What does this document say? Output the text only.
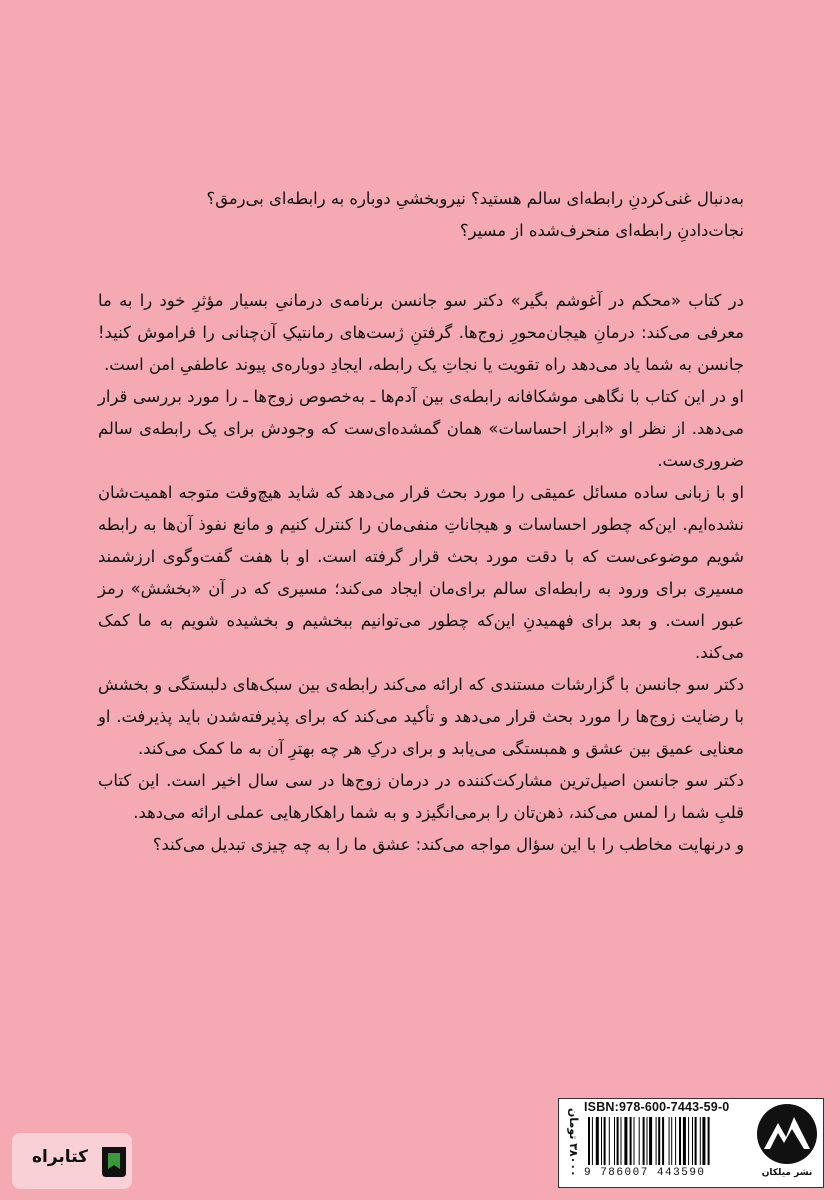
به‌دنبال غنی‌کردنِ رابطه‌ای سالم هستید؟ نیروبخشیِ دوباره به رابطه‌ای بی‌رمق؟

نجات‌دادنِ رابطه‌ای منحرف‌شده از مسیر؟

در کتاب «محکم در آغوشم بگیر» دکتر سو جانسن برنامه‌ی درمانیِ بسیار مؤثرِ خود را به ما معرفی می‌کند: درمانِ هیجان‌محورِ زوج‌ها. گرفتنِ ژست‌های رمانتیکِ آن‌چنانی را فراموش کنید! جانسن به شما یاد می‌دهد راه تقویت یا نجاتِ یک رابطه، ایجادِ دوباره‌ی پیوند عاطفیِ امن است.

او در این کتاب با نگاهی موشکافانه رابطه‌ی بین آدم‌ها ـ به‌خصوص زوج‌ها ـ را مورد بررسی قرار می‌دهد. از نظر او «ابراز احساسات» همان گمشده‌ای‌ست که وجودش برای یک رابطه‌ی سالم ضروری‌ست.

او با زبانی ساده مسائل عمیقی را مورد بحث قرار می‌دهد که شاید هیچ‌وقت متوجه اهمیت‌شان نشده‌ایم. این‌که چطور احساسات و هیجاناتِ منفی‌مان را کنترل کنیم و مانع نفوذ آن‌ها به رابطه شویم موضوعی‌ست که با دقت مورد بحث قرار گرفته است. او با هفت گفت‌وگوی ارزشمند مسیری برای ورود به رابطه‌ای سالم برای‌مان ایجاد می‌کند؛ مسیری که در آن «بخشش» رمز عبور است. و بعد برای فهمیدنِ این‌که چطور می‌توانیم ببخشیم و بخشیده شویم به ما کمک می‌کند.

دکتر سو جانسن با گزارشات مستندی که ارائه می‌کند رابطه‌ی بین سبک‌های دلبستگی و بخشش با رضایت زوج‌ها را مورد بحث قرار می‌دهد و تأکید می‌کند که برای پذیرفته‌شدن باید پذیرفت. او معنایی عمیق بین عشق و همبستگی می‌یابد و برای درکِ هر چه بهترِ آن به ما کمک می‌کند.

دکتر سو جانسن اصیل‌ترین مشارکت‌کننده در درمان زوج‌ها در سی سال اخیر است. این کتاب قلبِ شما را لمس می‌کند، ذهن‌تان را برمی‌انگیزد و به شما راهکارهایی عملی ارائه می‌دهد.

و درنهایت مخاطب را با این سؤال مواجه می‌کند: عشق ما را به چه چیزی تبدیل می‌کند؟

۳۸۰۰۰ تومان
ISBN:978-600-7443-59-0
9 786007 443590	نشر میلکان
کتابراه
